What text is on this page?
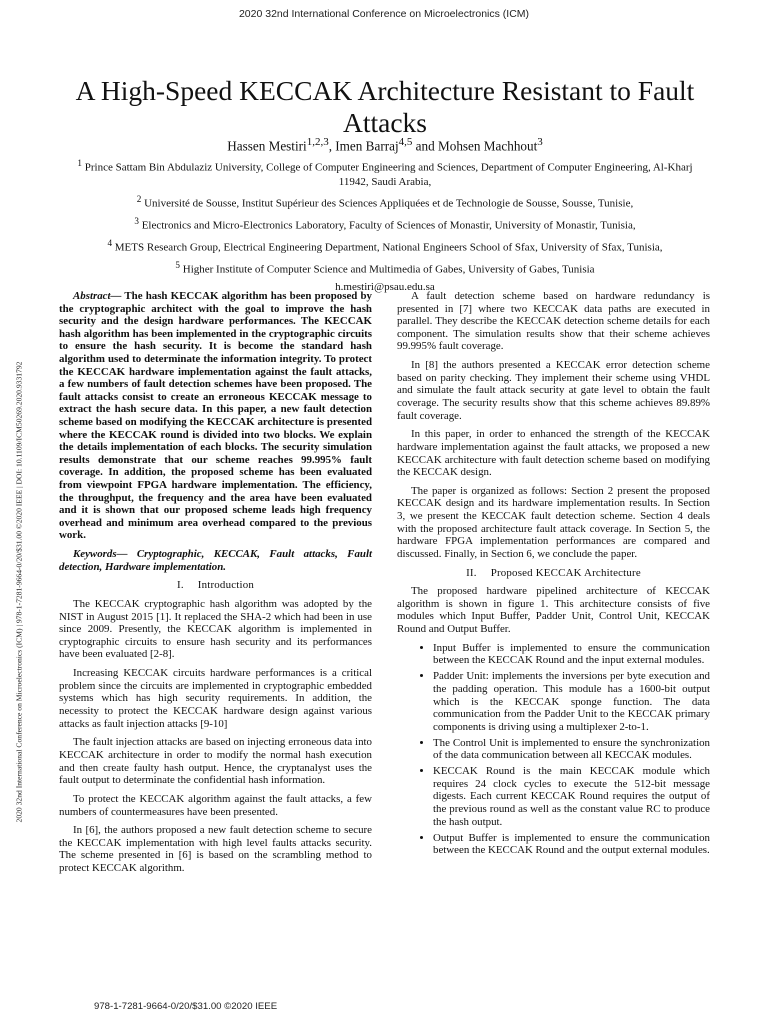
2020 32nd International Conference on Microelectronics (ICM)
2020 32nd International Conference on Microelectronics (ICM) | 978-1-7281-9664-0/20/$31.00 ©2020 IEEE | DOI: 10.1109/ICM50269.2020.9331792
A High-Speed KECCAK Architecture Resistant to Fault Attacks
Hassen Mestiri$^{1,2,3}$, Imen Barraj$^{4,5}$ and Mohsen Machhout$^3$
$^1$ Prince Sattam Bin Abdulaziz University, College of Computer Engineering and Sciences, Department of Computer Engineering, Al-Kharj 11942, Saudi Arabia,
$^2$ Université de Sousse, Institut Supérieur des Sciences Appliquées et de Technologie de Sousse, Sousse, Tunisie,
$^3$ Electronics and Micro-Electronics Laboratory, Faculty of Sciences of Monastir, University of Monastir, Tunisia,
$^4$ METS Research Group, Electrical Engineering Department, National Engineers School of Sfax, University of Sfax, Tunisia,
$^5$ Higher Institute of Computer Science and Multimedia of Gabes, University of Gabes, Tunisia
h.mestiri@psau.edu.sa

Abstract— The hash KECCAK algorithm has been proposed by the cryptographic architect with the goal to improve the hash security and the design hardware performances. The KECCAK hash algorithm has been implemented in the cryptographic circuits to ensure the hash security. It is become the standard hash algorithm used to determinate the information integrity. To protect the KECCAK hardware implementation against the fault attacks, a few numbers of fault detection schemes have been proposed. The fault attacks consist to create an erroneous KECCAK message to extract the hash secure data. In this paper, a new fault detection scheme based on modifying the KECCAK architecture is presented where the KECCAK round is divided into two blocks. We explain the details implementation of each blocks. The security simulation results demonstrate that our scheme reaches 99.995% fault coverage. In addition, the proposed scheme has been evaluated from viewpoint FPGA hardware implementation. The efficiency, the throughput, the frequency and the area have been evaluated and it is shown that our proposed scheme leads high frequency overhead and minimum area overhead compared to the previous work.

Keywords— Cryptographic, KECCAK, Fault attacks, Fault detection, Hardware implementation.

I. Introduction

The KECCAK cryptographic hash algorithm was adopted by the NIST in August 2015 [1]. It replaced the SHA-2 which had been in use since 2009. Presently, the KECCAK algorithm is implemented in cryptographic circuits to ensure hash security and its performances have been evaluated [2-8].

Increasing KECCAK circuits hardware performances is a critical problem since the circuits are implemented in cryptographic embedded systems which has high security requirements. In addition, the necessity to protect the KECCAK hardware design against various attacks as fault injection attacks [9-10]

The fault injection attacks are based on injecting erroneous data into KECCAK architecture in order to modify the normal hash execution and then create faulty hash output. Hence, the cryptanalyst uses the fault output to determinate the confidential hash information.

To protect the KECCAK algorithm against the fault attacks, a few numbers of countermeasures have been presented.

In [6], the authors proposed a new fault detection scheme to secure the KECCAK implementation with high level faults attacks security. The scheme presented in [6] is based on the scrambling method to protect KECCAK algorithm.

A fault detection scheme based on hardware redundancy is presented in [7] where two KECCAK data paths are executed in parallel. They describe the KECCAK detection scheme details for each component. The simulation results show that their scheme achieves 99.995% fault coverage.

In [8] the authors presented a KECCAK error detection scheme based on parity checking. They implement their scheme using VHDL and simulate the fault attack security at gate level to obtain the fault coverage. The security results show that this scheme achieves 89.89% fault coverage.

In this paper, in order to enhanced the strength of the KECCAK hardware implementation against the fault attacks, we proposed a new KECCAK architecture with fault detection scheme based on modifying the KECCAK design.

The paper is organized as follows: Section 2 present the proposed KECCAK design and its hardware implementation results. In Section 3, we present the KECCAK fault detection scheme. Section 4 deals with the proposed architecture fault attack coverage. In Section 5, the hardware FPGA implementation performances are compared and discussed. Finally, in Section 6, we conclude the paper.

II. Proposed KECCAK Architecture

The proposed hardware pipelined architecture of KECCAK algorithm is shown in figure 1. This architecture consists of five modules which Input Buffer, Padder Unit, Control Unit, KECCAK Round and Output Buffer.

• Input Buffer is implemented to ensure the communication between the KECCAK Round and the input external modules.
• Padder Unit: implements the inversions per byte execution and the padding operation. This module has a 1600-bit output which is the KECCAK sponge function. The data communication from the Padder Unit to the KECCAK primary components is driving using a multiplexer 2-to-1.
• The Control Unit is implemented to ensure the synchronization of the data communication between all KECCAK modules.
• KECCAK Round is the main KECCAK module which requires 24 clock cycles to execute the 512-bit message digests. Each current KECCAK Round requires the output of the previous round as well as the constant value RC to produce the hash output.
• Output Buffer is implemented to ensure the communication between the KECCAK Round and the output external modules.
978-1-7281-9664-0/20/$31.00 ©2020 IEEE
